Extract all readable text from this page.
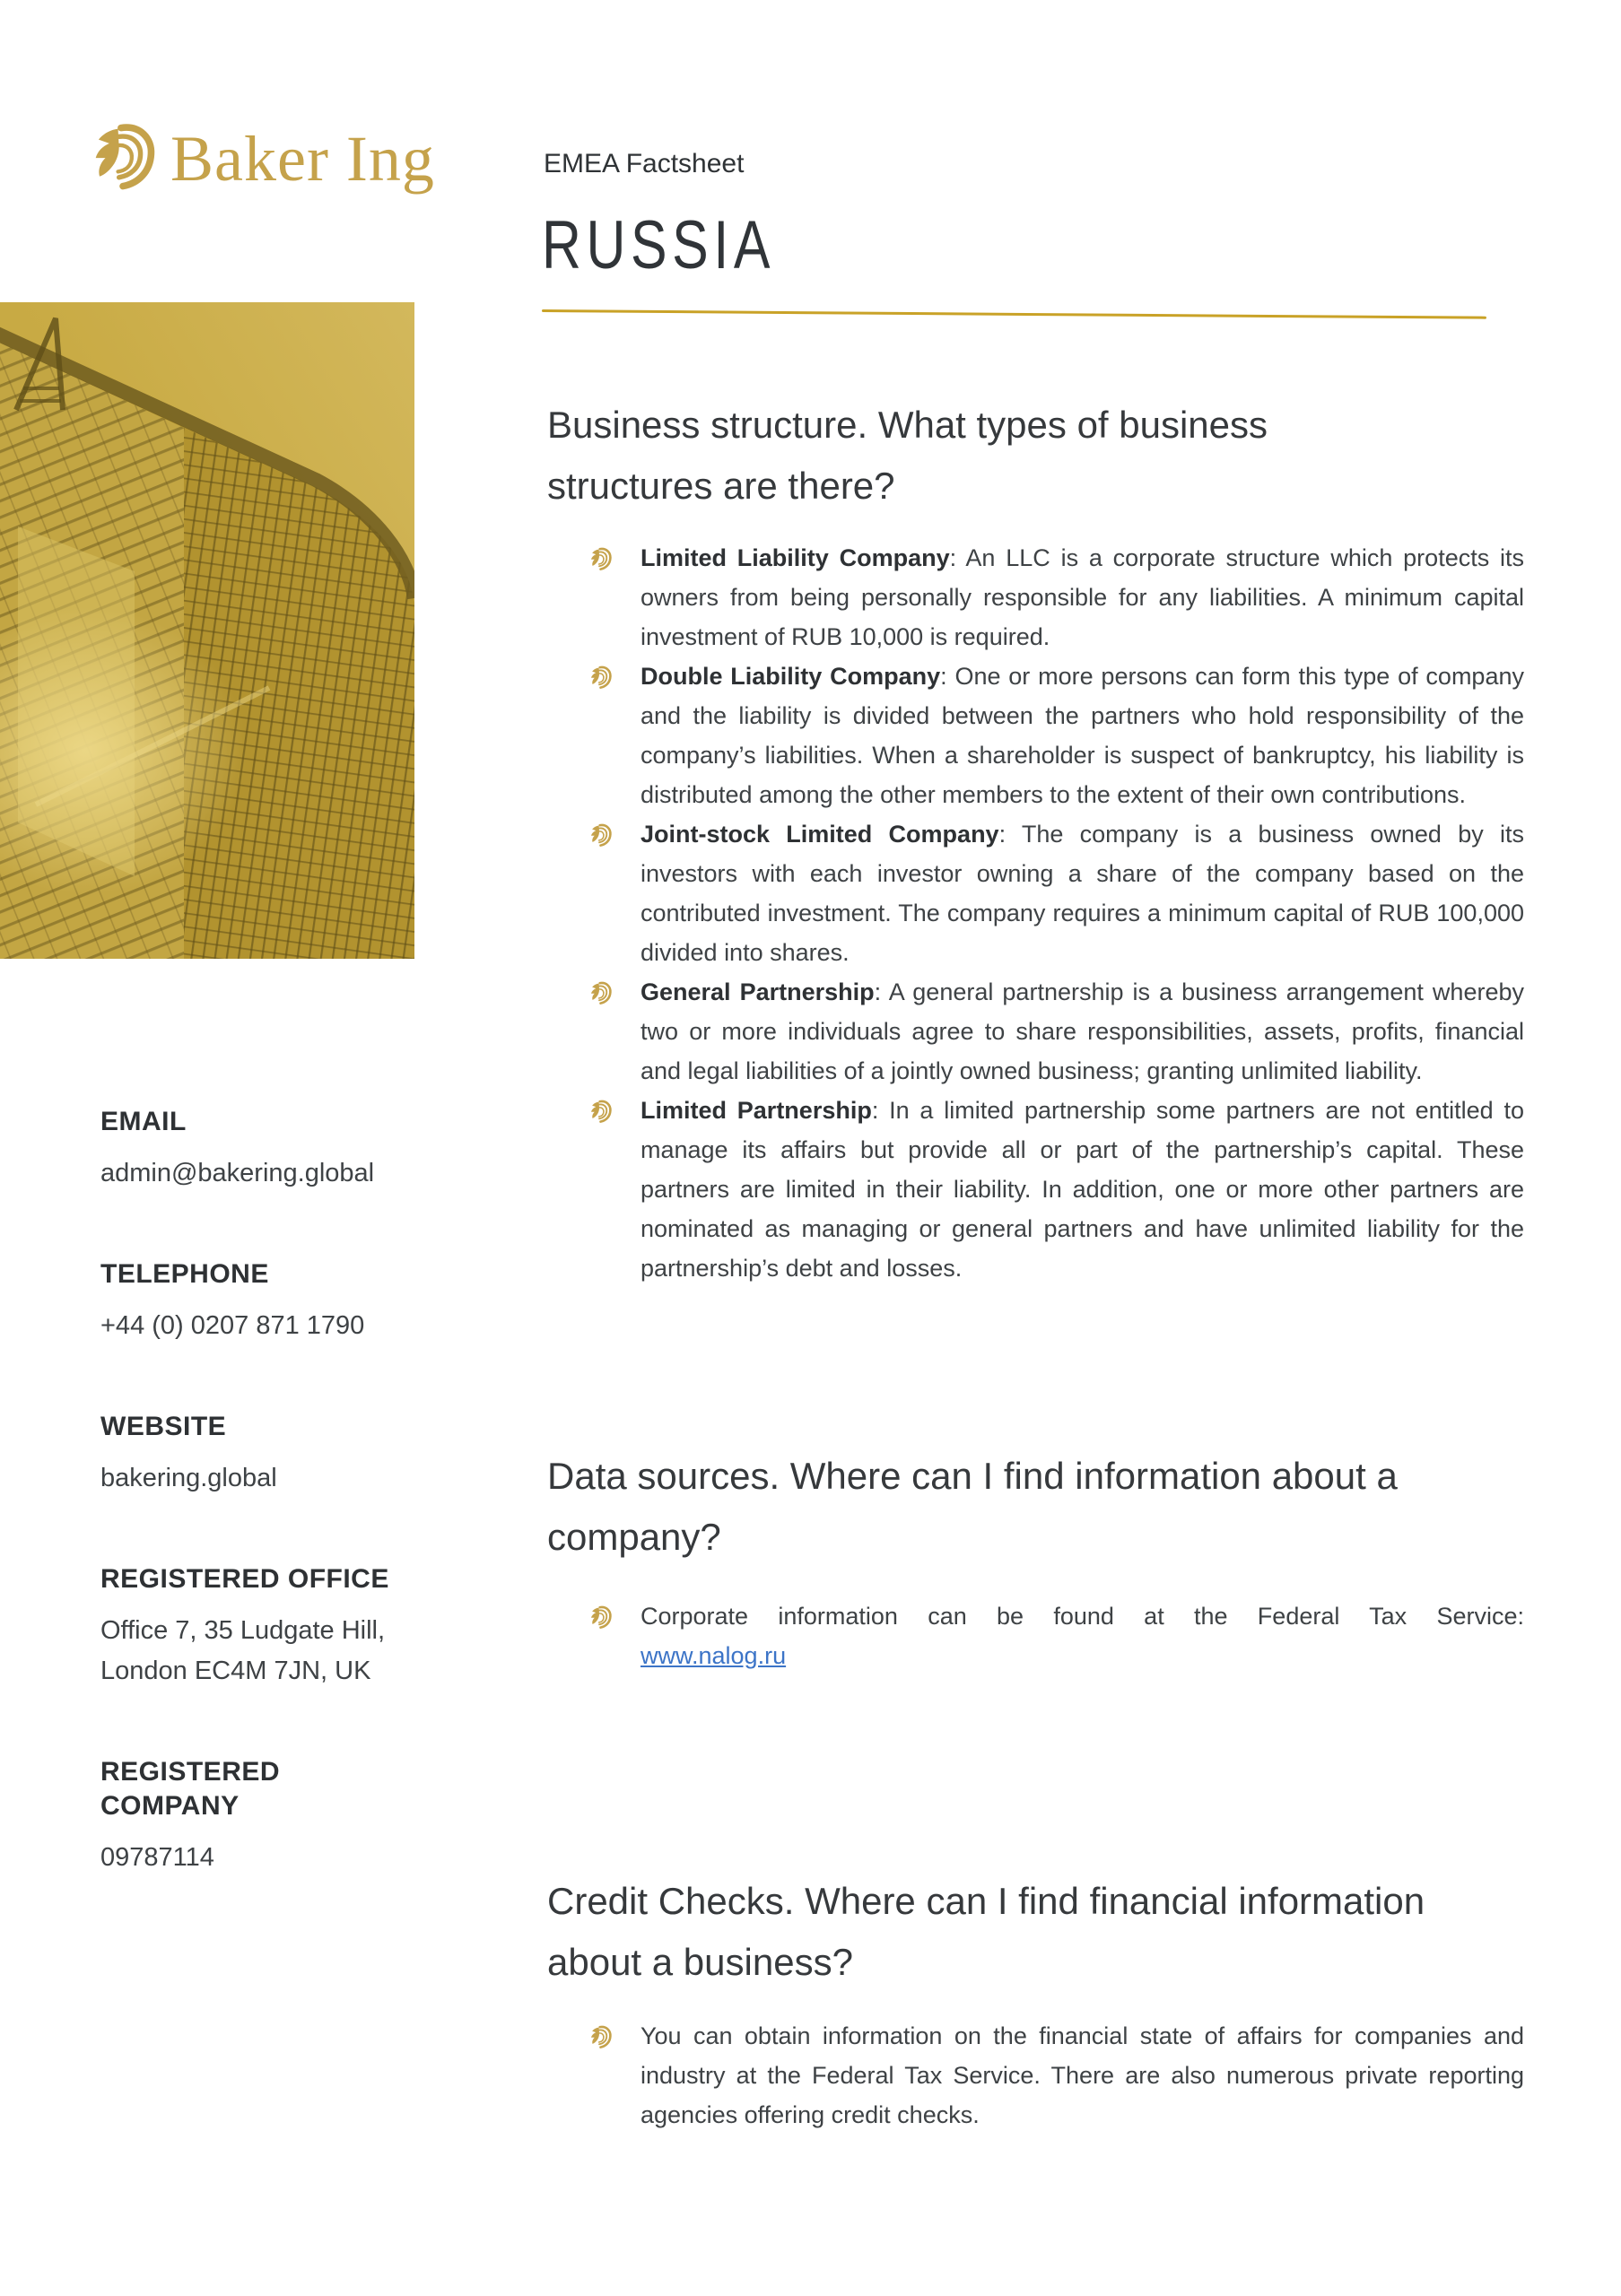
Baker Ing	EMEA Factsheet
RUSSIA
EMAIL
admin@bakering.global
TELEPHONE
+44 (0) 0207 871 1790
WEBSITE
bakering.global
REGISTERED OFFICE
Office 7, 35 Ludgate Hill,
London EC4M 7JN, UK
REGISTERED COMPANY
09787114
Business structure. What types of business
structures are there?
Limited Liability Company: An LLC is a corporate structure which protects its owners from being personally responsible for any liabilities. A minimum capital investment of RUB 10,000 is required.
Double Liability Company: One or more persons can form this type of company and the liability is divided between the partners who hold responsibility of the company’s liabilities. When a shareholder is suspect of bankruptcy, his liability is distributed among the other members to the extent of their own contributions.
Joint-stock Limited Company: The company is a business owned by its investors with each investor owning a share of the company based on the contributed investment. The company requires a minimum capital of RUB 100,000 divided into shares.
General Partnership: A general partnership is a business arrangement whereby two or more individuals agree to share responsibilities, assets, profits, financial and legal liabilities of a jointly owned business; granting unlimited liability.
Limited Partnership: In a limited partnership some partners are not entitled to manage its affairs but provide all or part of the partnership’s capital. These partners are limited in their liability. In addition, one or more other partners are nominated as managing or general partners and have unlimited liability for the partnership’s debt and losses.
Data sources. Where can I find information about a
company?
Corporate information can be found at the Federal Tax Service:
www.nalog.ru
Credit Checks. Where can I find financial information
about a business?
You can obtain information on the financial state of affairs for companies and industry at the Federal Tax Service. There are also numerous private reporting agencies offering credit checks.
